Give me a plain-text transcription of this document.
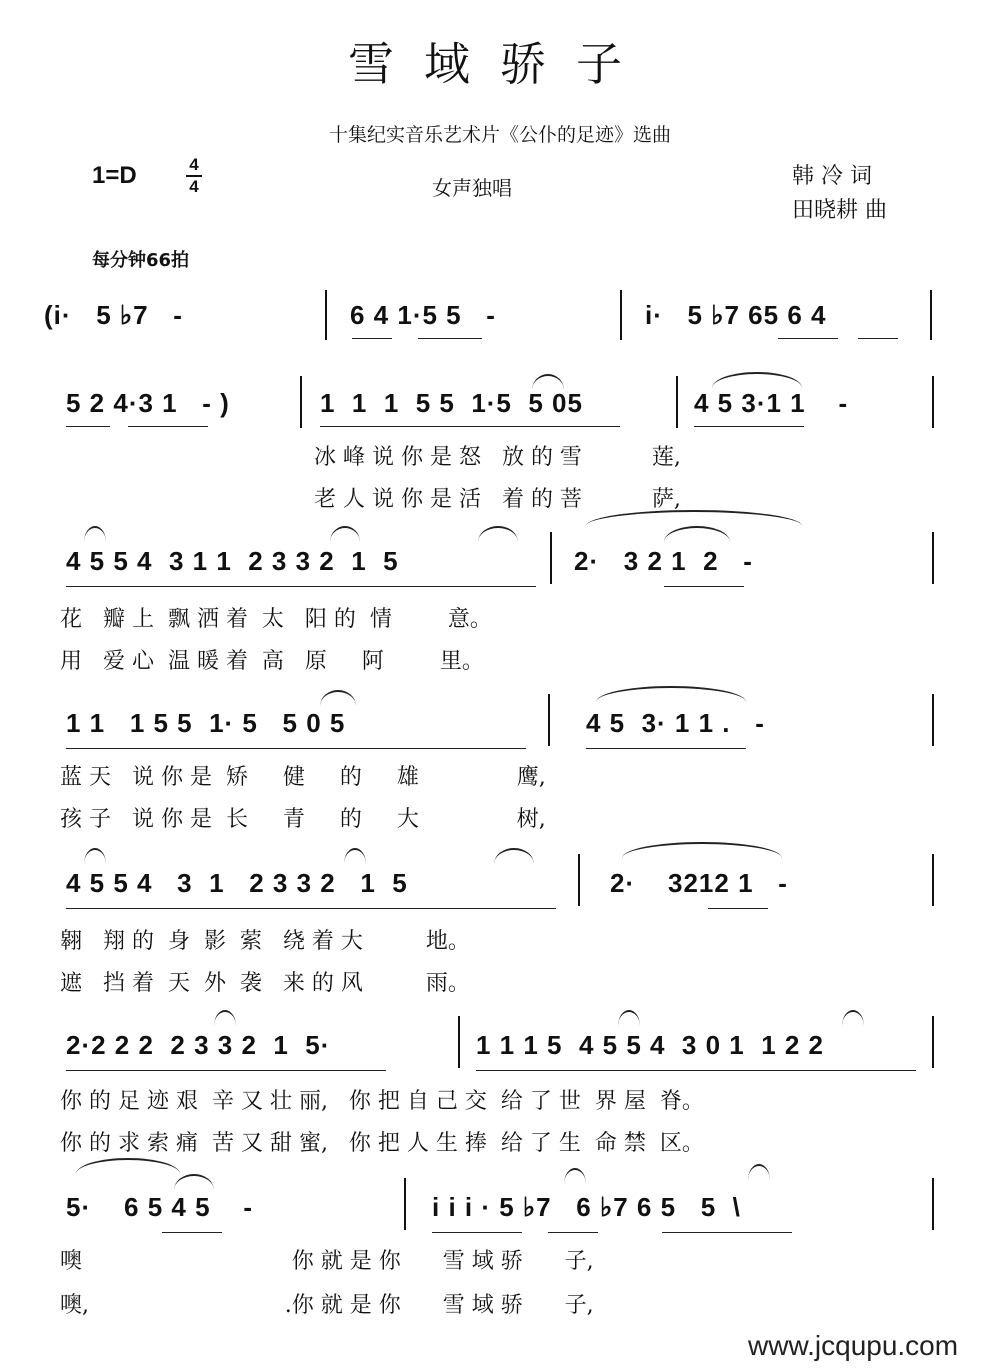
雪域骄子
十集纪实音乐艺术片《公仆的足迹》选曲
1=D	4
4	女声独唱	韩 冷 词
田晓耕 曲
每分钟66拍
(i·   5 ♭7   -	6 4 1·5 5   -	i·   5 ♭7 65 6 4
5 2 4·3 1   - )	1  1  1  5 5  1·5  5 05	4 5 3·1 1    -
冰 峰 说 你 是 怒   放 的 雪          莲,
老 人 说 你 是 活   着 的 菩          萨,
4 5 5 4  3 1 1  2 3 3 2  1  5	2·   3 2 1  2   -
花   瓣 上  飘 洒 着  太   阳 的  情        意。
用   爱 心  温 暖 着  高   原     阿        里。
1 1   1 5 5  1· 5   5 0 5	4 5  3· 1 1 .   -
蓝 天   说 你 是  矫     健     的     雄              鹰,
孩 子   说 你 是  长     青     的     大              树,
4 5 5 4   3  1   2 3 3 2   1  5	2·    3212 1   -
翱   翔 的  身  影  萦   绕 着 大         地。
遮   挡 着  天  外  袭   来 的 风         雨。
2·2 2 2  2 3 3 2  1  5·	1 1 1 5  4 5 5 4  3 0 1  1 2 2
你 的 足 迹 艰  辛 又 壮 丽,   你 把 自 己 交  给 了 世  界 屋  脊。
你 的 求 索 痛  苦 又 甜 蜜,   你 把 人 生 捧  给 了 生  命 禁  区。
5·    6 5 4 5    -	i i i · 5 ♭7   6 ♭7 6 5   5  \
噢                              你 就 是 你      雪 域 骄      子,
噢,                            .你 就 是 你      雪 域 骄      子,
www.jcqupu.com
